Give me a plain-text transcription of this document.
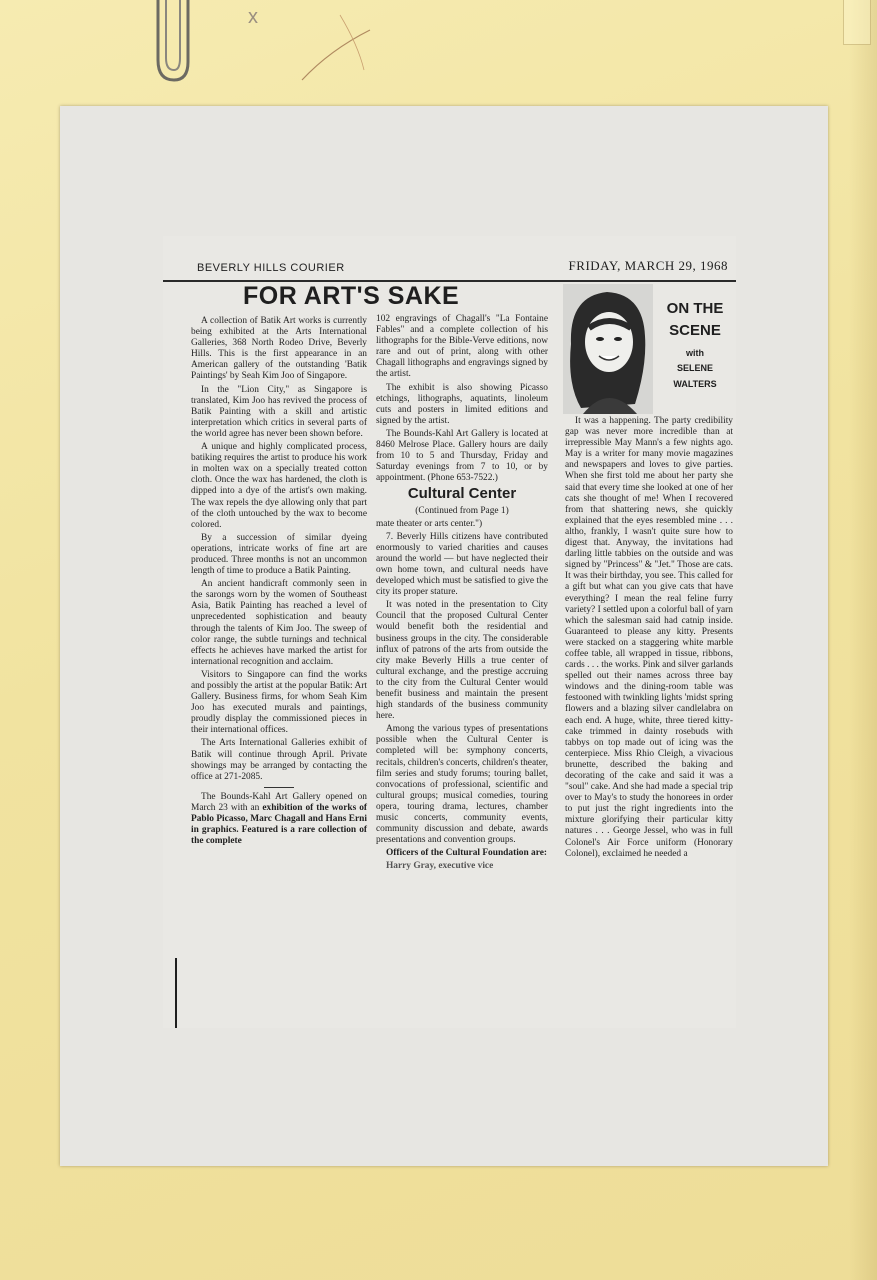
x
BEVERLY HILLS COURIER	FRIDAY, MARCH 29, 1968
FOR ART'S SAKE

A collection of Batik Art works is currently being exhibited at the Arts International Galleries, 368 North Rodeo Drive, Beverly Hills. This is the first appearance in an American gallery of the outstanding 'Batik Paintings' by Seah Kim Joo of Singapore.

In the "Lion City," as Singapore is translated, Kim Joo has revived the process of Batik Painting with a skill and artistic interpretation which critics in several parts of the world agree has never been shown before.

A unique and highly complicated process, batiking requires the artist to produce his work in molten wax on a specially treated cotton cloth. Once the wax has hardened, the cloth is dipped into a dye of the artist's own making. The wax repels the dye allowing only that part of the cloth untouched by the wax to become colored.

By a succession of similar dyeing operations, intricate works of fine art are produced. Three months is not an uncommon length of time to produce a Batik Painting.

An ancient handicraft commonly seen in the sarongs worn by the women of Southeast Asia, Batik Painting has reached a level of unprecedented sophistication and beauty through the talents of Kim Joo. The sweep of color range, the subtle turnings and technical effects he achieves have marked the artist for international recognition and acclaim.

Visitors to Singapore can find the works and possibly the artist at the popular Batik: Art Gallery. Business firms, for whom Seah Kim Joo has executed murals and paintings, proudly display the commissioned pieces in their international offices.

The Arts International Galleries exhibit of Batik will continue through April. Private showings may be arranged by contacting the office at 271-2085.

The Bounds-Kahl Art Gallery opened on March 23 with an exhibition of the works of Pablo Picasso, Marc Chagall and Hans Erni in graphics. Featured is a rare collection of the complete

102 engravings of Chagall's "La Fontaine Fables" and a complete collection of his lithographs for the Bible-Verve editions, now rare and out of print, along with other Chagall lithographs and engravings signed by the artist.

The exhibit is also showing Picasso etchings, lithographs, aquatints, linoleum cuts and posters in limited editions and signed by the artist.

The Bounds-Kahl Art Gallery is located at 8460 Melrose Place. Gallery hours are daily from 10 to 5 and Thursday, Friday and Saturday evenings from 7 to 10, or by appointment. (Phone 653-7522.)

Cultural Center

(Continued from Page 1)

mate theater or arts center.")

7. Beverly Hills citizens have contributed enormously to varied charities and causes around the world — but have neglected their own home town, and cultural needs have developed which must be satisfied to give the city its proper stature.

It was noted in the presentation to City Council that the proposed Cultural Center would benefit both the residential and business groups in the city. The considerable influx of patrons of the arts from outside the city make Beverly Hills a true center of cultural exchange, and the prestige accruing to the city from the Cultural Center would benefit business and maintain the present high standards of the business community here.

Among the various types of presentations possible when the Cultural Center is completed will be: symphony concerts, recitals, children's concerts, children's theater, film series and study forums; touring ballet, convocations of professional, scientific and cultural groups; musical comedies, touring opera, touring drama, lectures, chamber music concerts, community events, community discussion and debate, awards presentations and convention groups.

Officers of the Cultural Foundation are:

Harry Gray, executive vice

ON THE
SCENE
with
SELENE
WALTERS

It was a happening. The party credibility gap was never more incredible than at irrepressible May Mann's a few nights ago. May is a writer for many movie magazines and newspapers and loves to give parties. When she first told me about her party she said that every time she looked at one of her cats she thought of me! When I recovered from that shattering news, she quickly explained that the eyes resembled mine . . . altho, frankly, I wasn't quite sure how to digest that. Anyway, the invitations had darling little tabbies on the outside and was signed by "Princess" & "Jet." Those are cats. It was their birthday, you see. This called for a gift but what can you give cats that have everything? I mean the real feline furry variety? I settled upon a colorful ball of yarn which the salesman said had catnip inside. Guaranteed to please any kitty. Presents were stacked on a staggering white marble coffee table, all wrapped in tissue, ribbons, cards . . . the works. Pink and silver garlands spelled out their names across three bay windows and the dining-room table was festooned with twinkling lights 'midst spring flowers and a blazing silver candlelabra on each end. A huge, white, three tiered kitty-cake trimmed in dainty rosebuds with tabbys on top made out of icing was the centerpiece. Miss Rhio Cleigh, a vivacious brunette, described the baking and decorating of the cake and said it was a "soul" cake. And she had made a special trip over to May's to study the honorees in order to put just the right ingredients into the mixture glorifying their particular kitty natures . . . George Jessel, who was in full Colonel's Air Force uniform (Honorary Colonel), exclaimed he needed a
